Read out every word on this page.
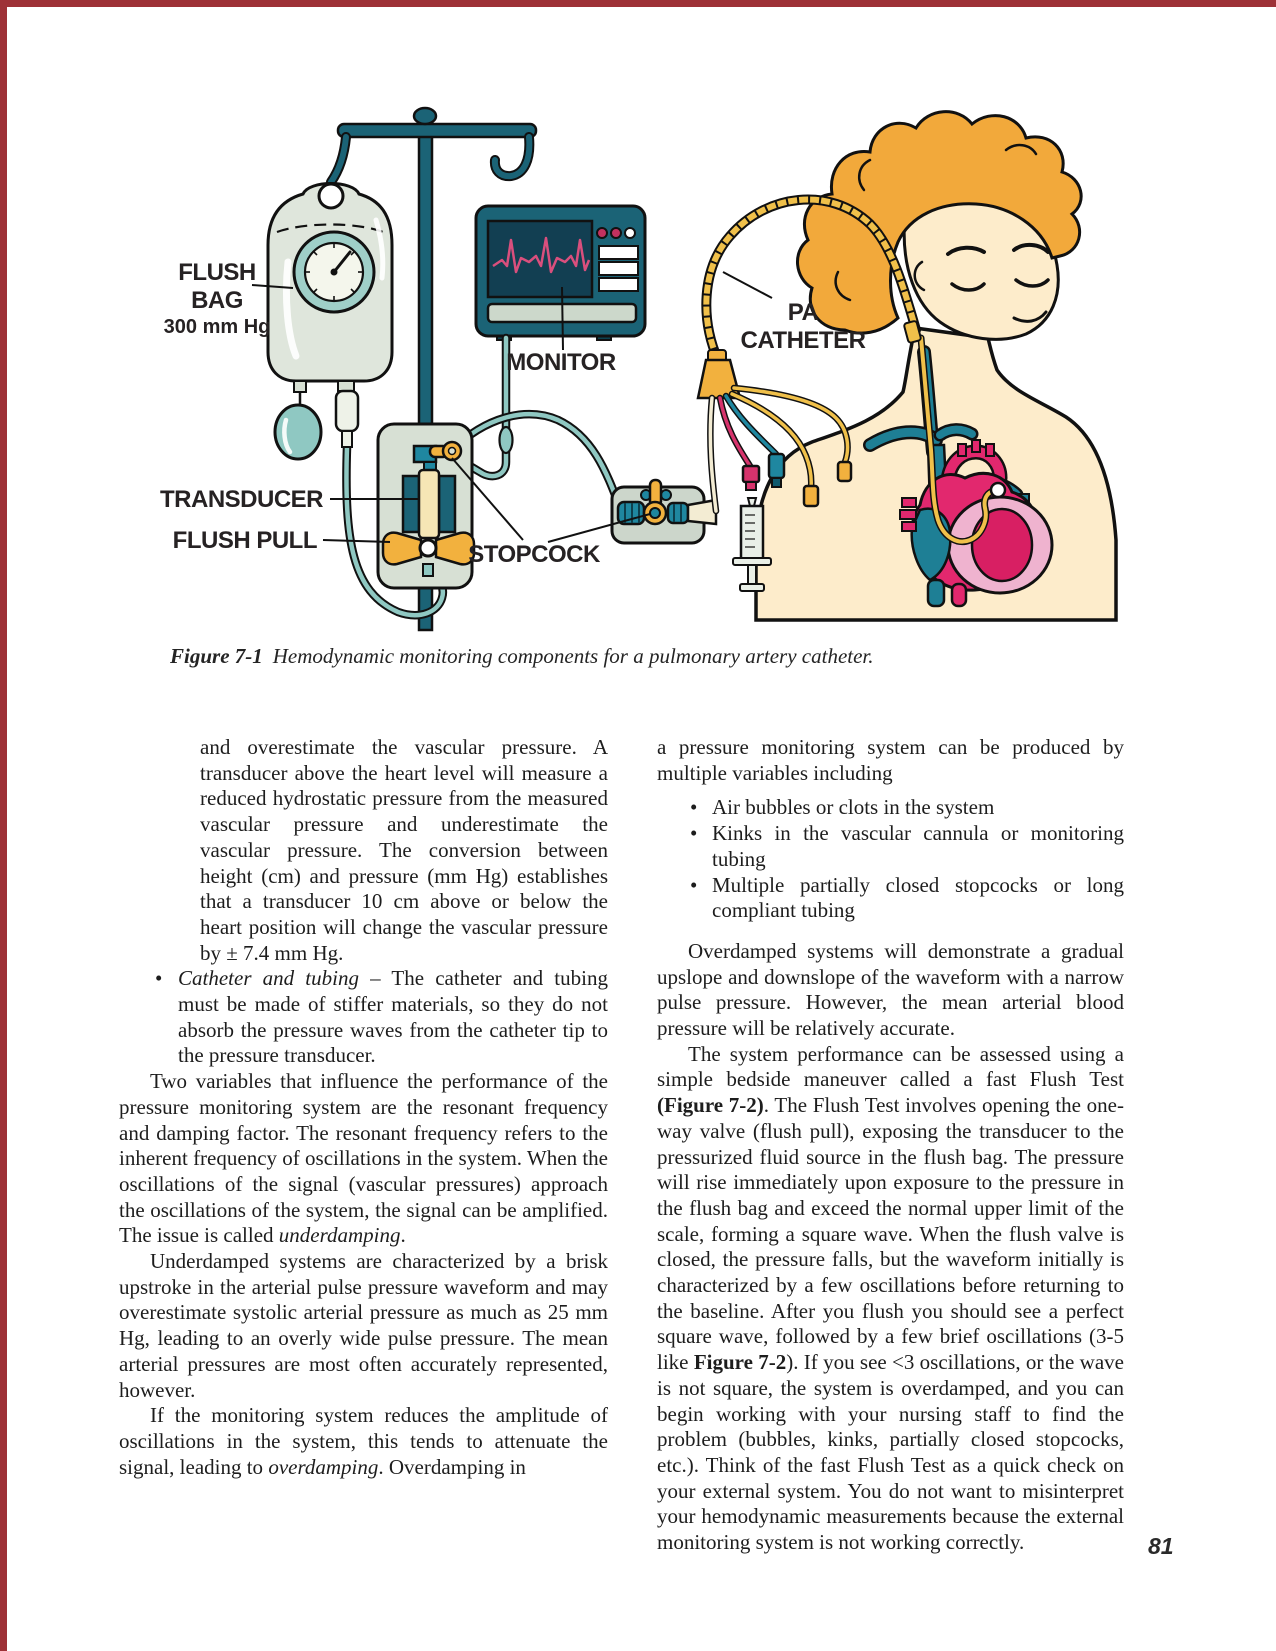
FLUSH
BAG
300 mm Hg
TRANSDUCER
FLUSH PULL
MONITOR
STOPCOCK
PA
CATHETER
Figure 7-1 Hemodynamic monitoring components for a pulmonary artery catheter.
and overestimate the vascular pressure. A transducer above the heart level will measure a reduced hydrostatic pressure from the measured vascular pressure and underestimate the vascular pressure. The conversion between height (cm) and pressure (mm Hg) establishes that a transducer 10 cm above or below the heart position will change the vascular pressure by ± 7.4 mm Hg.
• Catheter and tubing – The catheter and tubing must be made of stiffer materials, so they do not absorb the pressure waves from the catheter tip to the pressure transducer.
Two variables that influence the performance of the pressure monitoring system are the resonant frequency and damping factor. The resonant frequency refers to the inherent frequency of oscillations in the system. When the oscillations of the signal (vascular pressures) approach the oscillations of the system, the signal can be amplified. The issue is called underdamping.
Underdamped systems are characterized by a brisk upstroke in the arterial pulse pressure waveform and may overestimate systolic arterial pressure as much as 25 mm Hg, leading to an overly wide pulse pressure. The mean arterial pressures are most often accurately represented, however.
If the monitoring system reduces the amplitude of oscillations in the system, this tends to attenuate the signal, leading to overdamping. Overdamping in
a pressure monitoring system can be produced by multiple variables including
• Air bubbles or clots in the system
• Kinks in the vascular cannula or monitoring tubing
• Multiple partially closed stopcocks or long compliant tubing
Overdamped systems will demonstrate a gradual upslope and downslope of the waveform with a narrow pulse pressure. However, the mean arterial blood pressure will be relatively accurate.
The system performance can be assessed using a simple bedside maneuver called a fast Flush Test (Figure 7-2). The Flush Test involves opening the one-way valve (flush pull), exposing the transducer to the pressurized fluid source in the flush bag. The pressure will rise immediately upon exposure to the pressure in the flush bag and exceed the normal upper limit of the scale, forming a square wave. When the flush valve is closed, the pressure falls, but the waveform initially is characterized by a few oscillations before returning to the baseline. After you flush you should see a perfect square wave, followed by a few brief oscillations (3-5 like Figure 7-2). If you see <3 oscillations, or the wave is not square, the system is overdamped, and you can begin working with your nursing staff to find the problem (bubbles, kinks, partially closed stopcocks, etc.). Think of the fast Flush Test as a quick check on your external system. You do not want to misinterpret your hemodynamic measurements because the external monitoring system is not working correctly.	81
